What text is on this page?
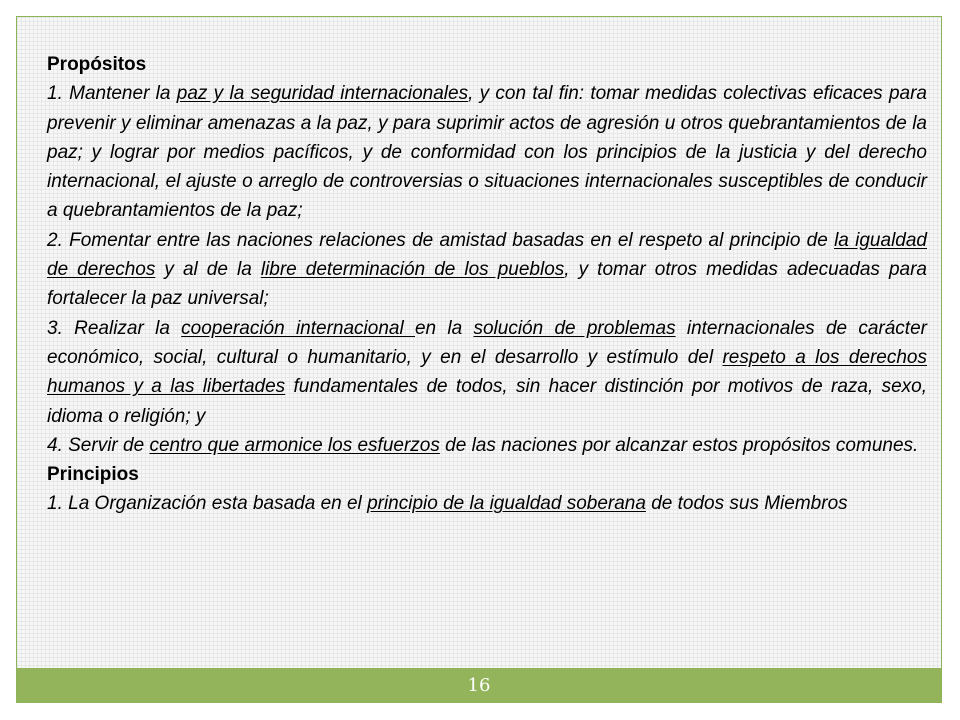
Propósitos

1. Mantener la paz y la seguridad internacionales, y con tal fin: tomar medidas colectivas eficaces para prevenir y eliminar amenazas a la paz, y para suprimir actos de agresión u otros quebrantamientos de la paz; y lograr por medios pacíficos, y de conformidad con los principios de la justicia y del derecho internacional, el ajuste o arreglo de controversias o situaciones internacionales susceptibles de conducir a quebrantamientos de la paz;

2. Fomentar entre las naciones relaciones de amistad basadas en el respeto al principio de la igualdad de derechos y al de la libre determinación de los pueblos, y tomar otros medidas adecuadas para fortalecer la paz universal;

3. Realizar la cooperación internacional en la solución de problemas internacionales de carácter económico, social, cultural o humanitario, y en el desarrollo y estímulo del respeto a los derechos humanos y a las libertades fundamentales de todos, sin hacer distinción por motivos de raza, sexo, idioma o religión; y

4. Servir de centro que armonice los esfuerzos de las naciones por alcanzar estos propósitos comunes.

Principios

1. La Organización esta basada en el principio de la igualdad soberana de todos sus Miembros

16
